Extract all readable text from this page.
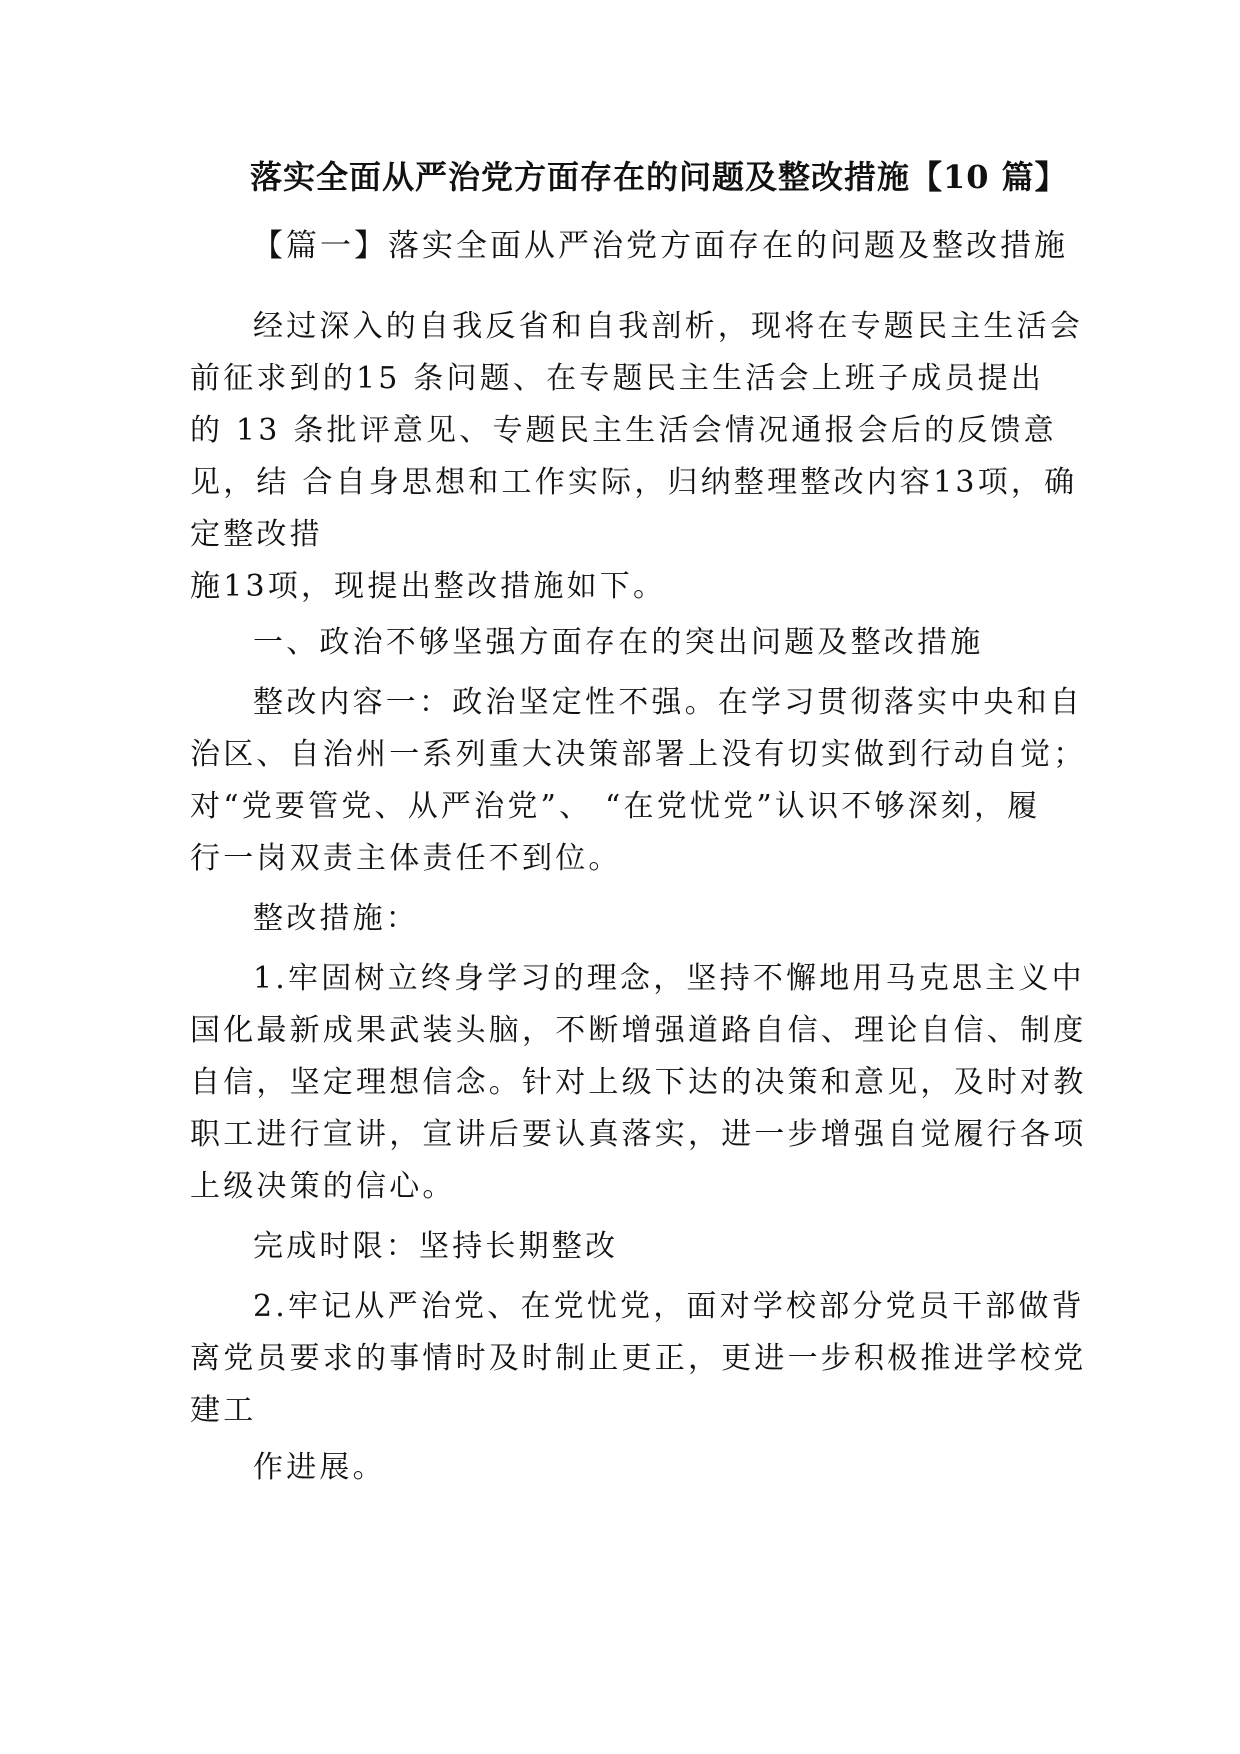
落实全面从严治党方面存在的问题及整改措施【10 篇】
【篇一】落实全面从严治党方面存在的问题及整改措施
经过深入的自我反省和自我剖析，现将在专题民主生活会
前征求到的15 条问题、在专题民主生活会上班子成员提出
的 13 条批评意见、专题民主生活会情况通报会后的反馈意
见，结 合自身思想和工作实际，归纳整理整改内容13项，确
定整改措
施13项，现提出整改措施如下。
一、政治不够坚强方面存在的突出问题及整改措施
整改内容一：政治坚定性不强。在学习贯彻落实中央和自
治区、自治州一系列重大决策部署上没有切实做到行动自觉；
对“党要管党、从严治党”、 “在党忧党”认识不够深刻，履
行一岗双责主体责任不到位。
整改措施：
1.牢固树立终身学习的理念，坚持不懈地用马克思主义中
国化最新成果武装头脑，不断增强道路自信、理论自信、制度
自信，坚定理想信念。针对上级下达的决策和意见，及时对教
职工进行宣讲，宣讲后要认真落实，进一步增强自觉履行各项
上级决策的信心。
完成时限：坚持长期整改
2.牢记从严治党、在党忧党，面对学校部分党员干部做背
离党员要求的事情时及时制止更正，更进一步积极推进学校党
建工
作进展。
